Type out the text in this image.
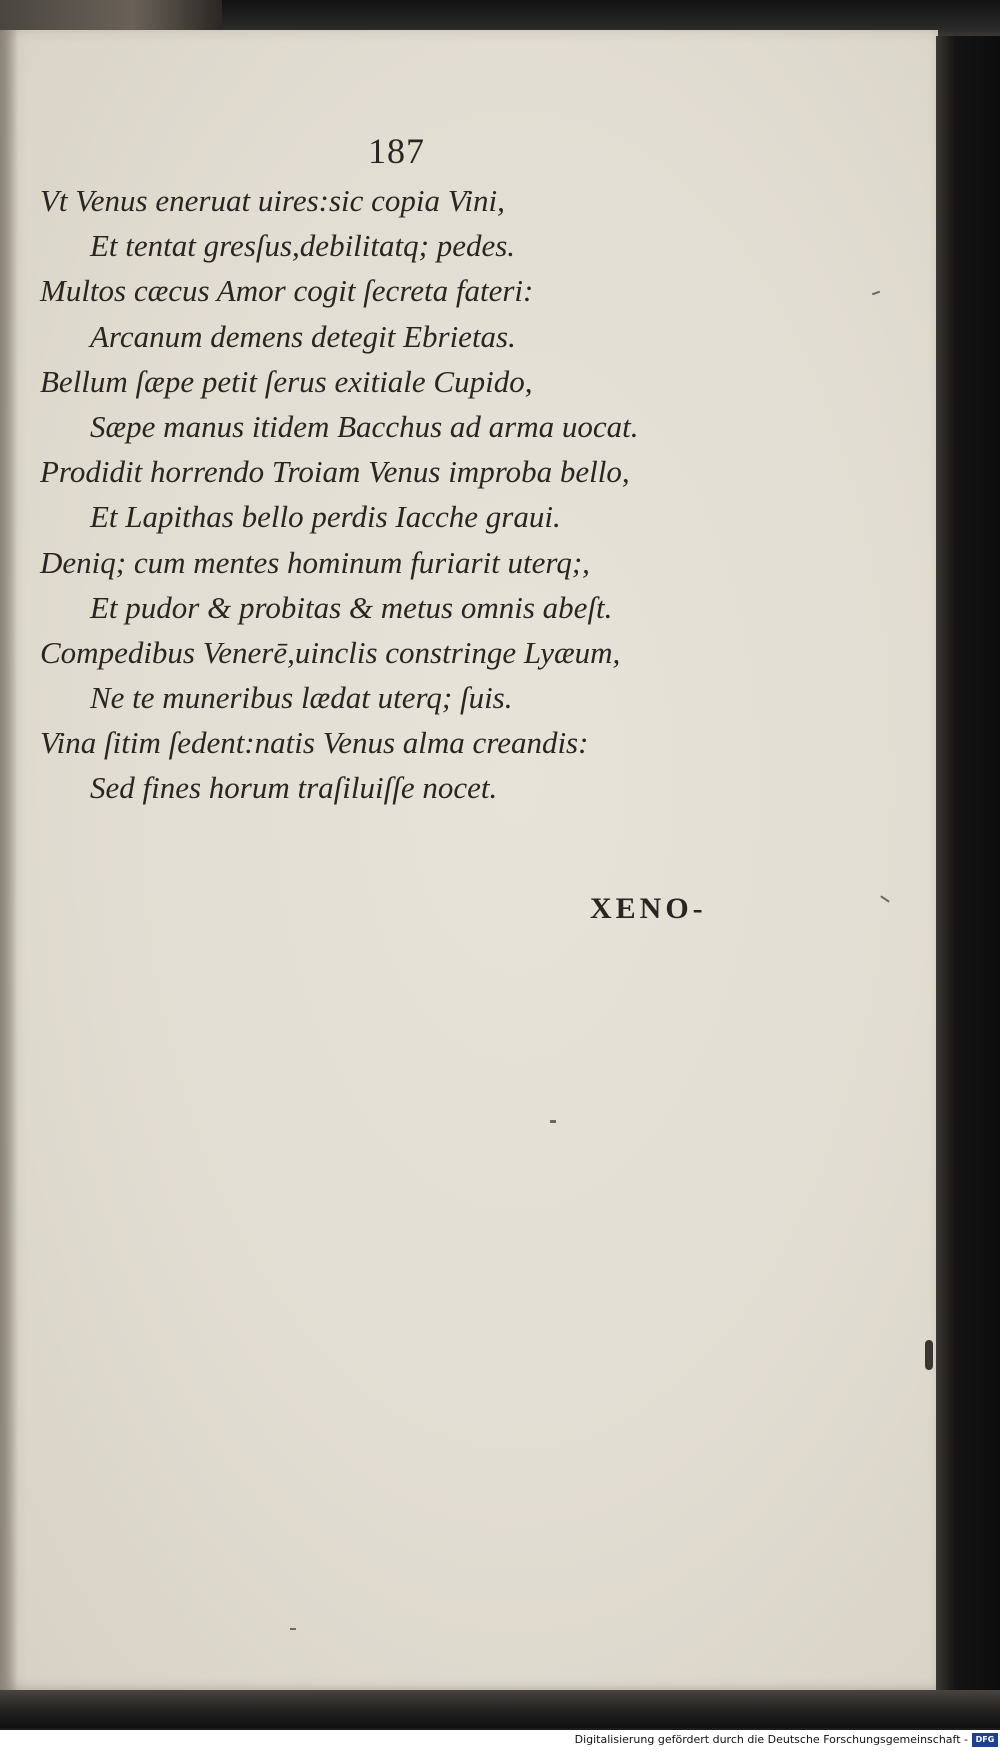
187
Vt Venus eneruat uires:sic copia Vini,
Et tentat gresſus,debilitatq; pedes.
Multos cæcus Amor cogit ſecreta fateri:
Arcanum demens detegit Ebrietas.
Bellum ſæpe petit ſerus exitiale Cupido,
Sæpe manus itidem Bacchus ad arma uocat.
Prodidit horrendo Troiam Venus improba bello,
Et Lapithas bello perdis Iacche graui.
Deniq; cum mentes hominum furiarit uterq;,
Et pudor & probitas & metus omnis abeſt.
Compedibus Venerē,uinclis constringe Lyæum,
Ne te muneribus lædat uterq; ſuis.
Vina ſitim ſedent:natis Venus alma creandis:
Sed fines horum traſiluiſſe nocet.
XENO-
Digitalisierung gefördert durch die Deutsche Forschungsgemeinschaft - DFG
